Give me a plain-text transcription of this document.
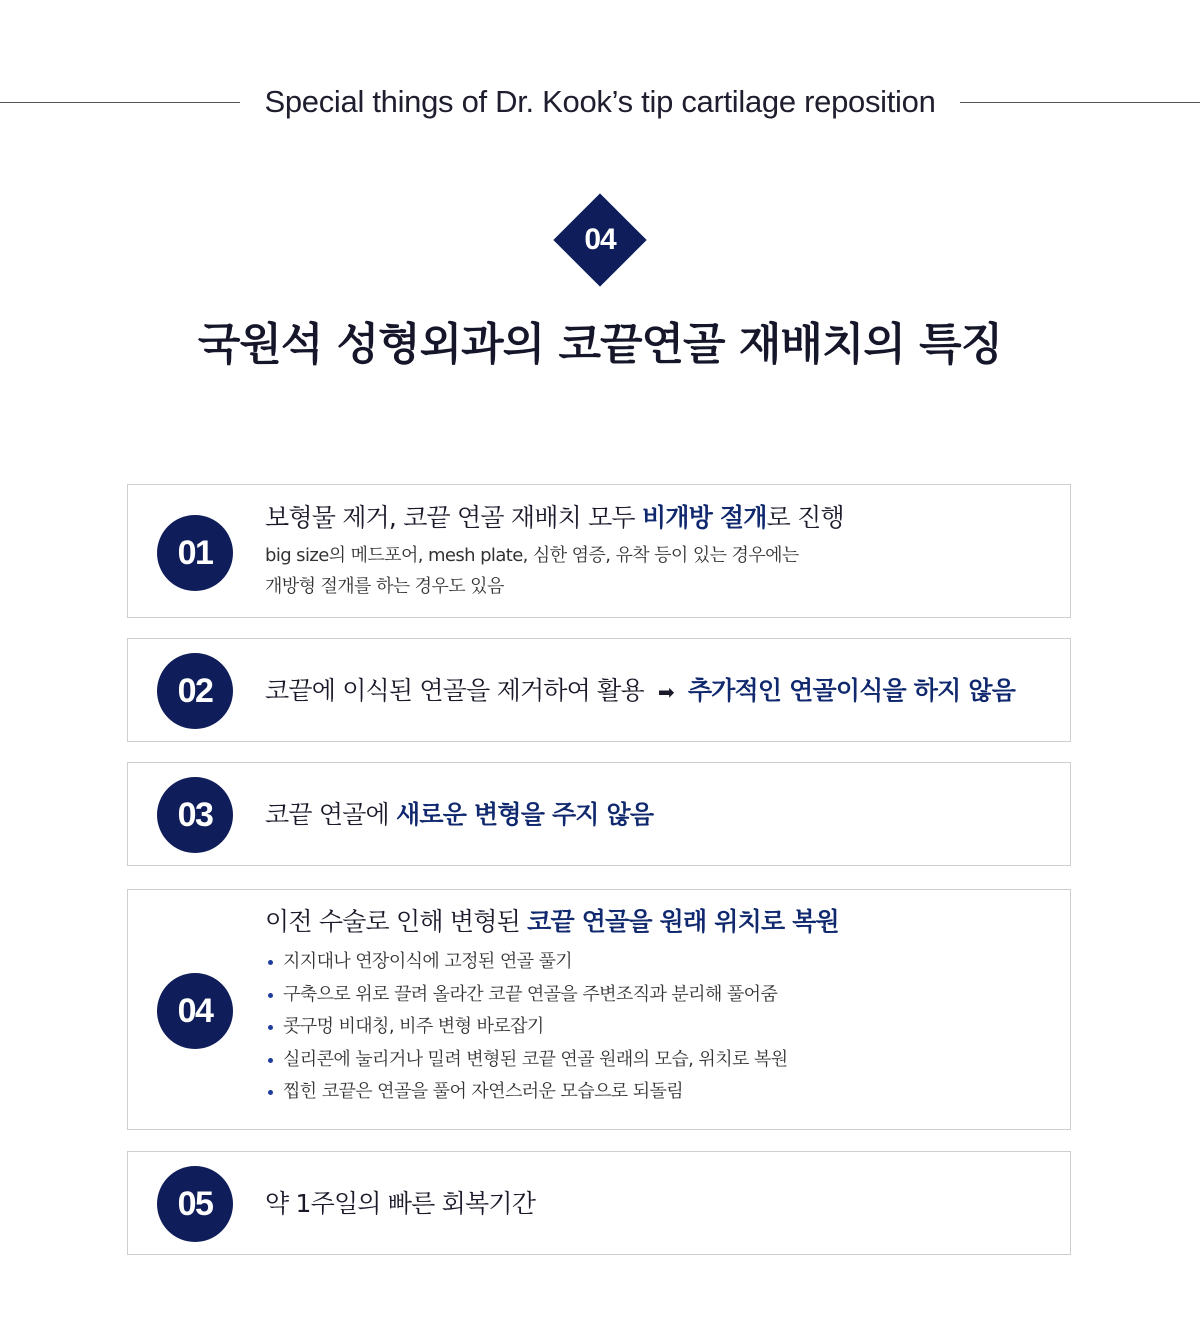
Special things of Dr. Kook’s tip cartilage reposition
04
국원석 성형외과의 코끝연골 재배치의 특징
01
보형물 제거, 코끝 연골 재배치 모두 비개방 절개로 진행
big size의 메드포어, mesh plate, 심한 염증, 유착 등이 있는 경우에는
개방형 절개를 하는 경우도 있음
02	코끝에 이식된 연골을 제거하여 활용 ➡ 추가적인 연골이식을 하지 않음
03	코끝 연골에 새로운 변형을 주지 않음
04
이전 수술로 인해 변형된 코끝 연골을 원래 위치로 복원
지지대나 연장이식에 고정된 연골 풀기
구축으로 위로 끌려 올라간 코끝 연골을 주변조직과 분리해 풀어줌
콧구멍 비대칭, 비주 변형 바로잡기
실리콘에 눌리거나 밀려 변형된 코끝 연골 원래의 모습, 위치로 복원
찝힌 코끝은 연골을 풀어 자연스러운 모습으로 되돌림
05	약 1주일의 빠른 회복기간
